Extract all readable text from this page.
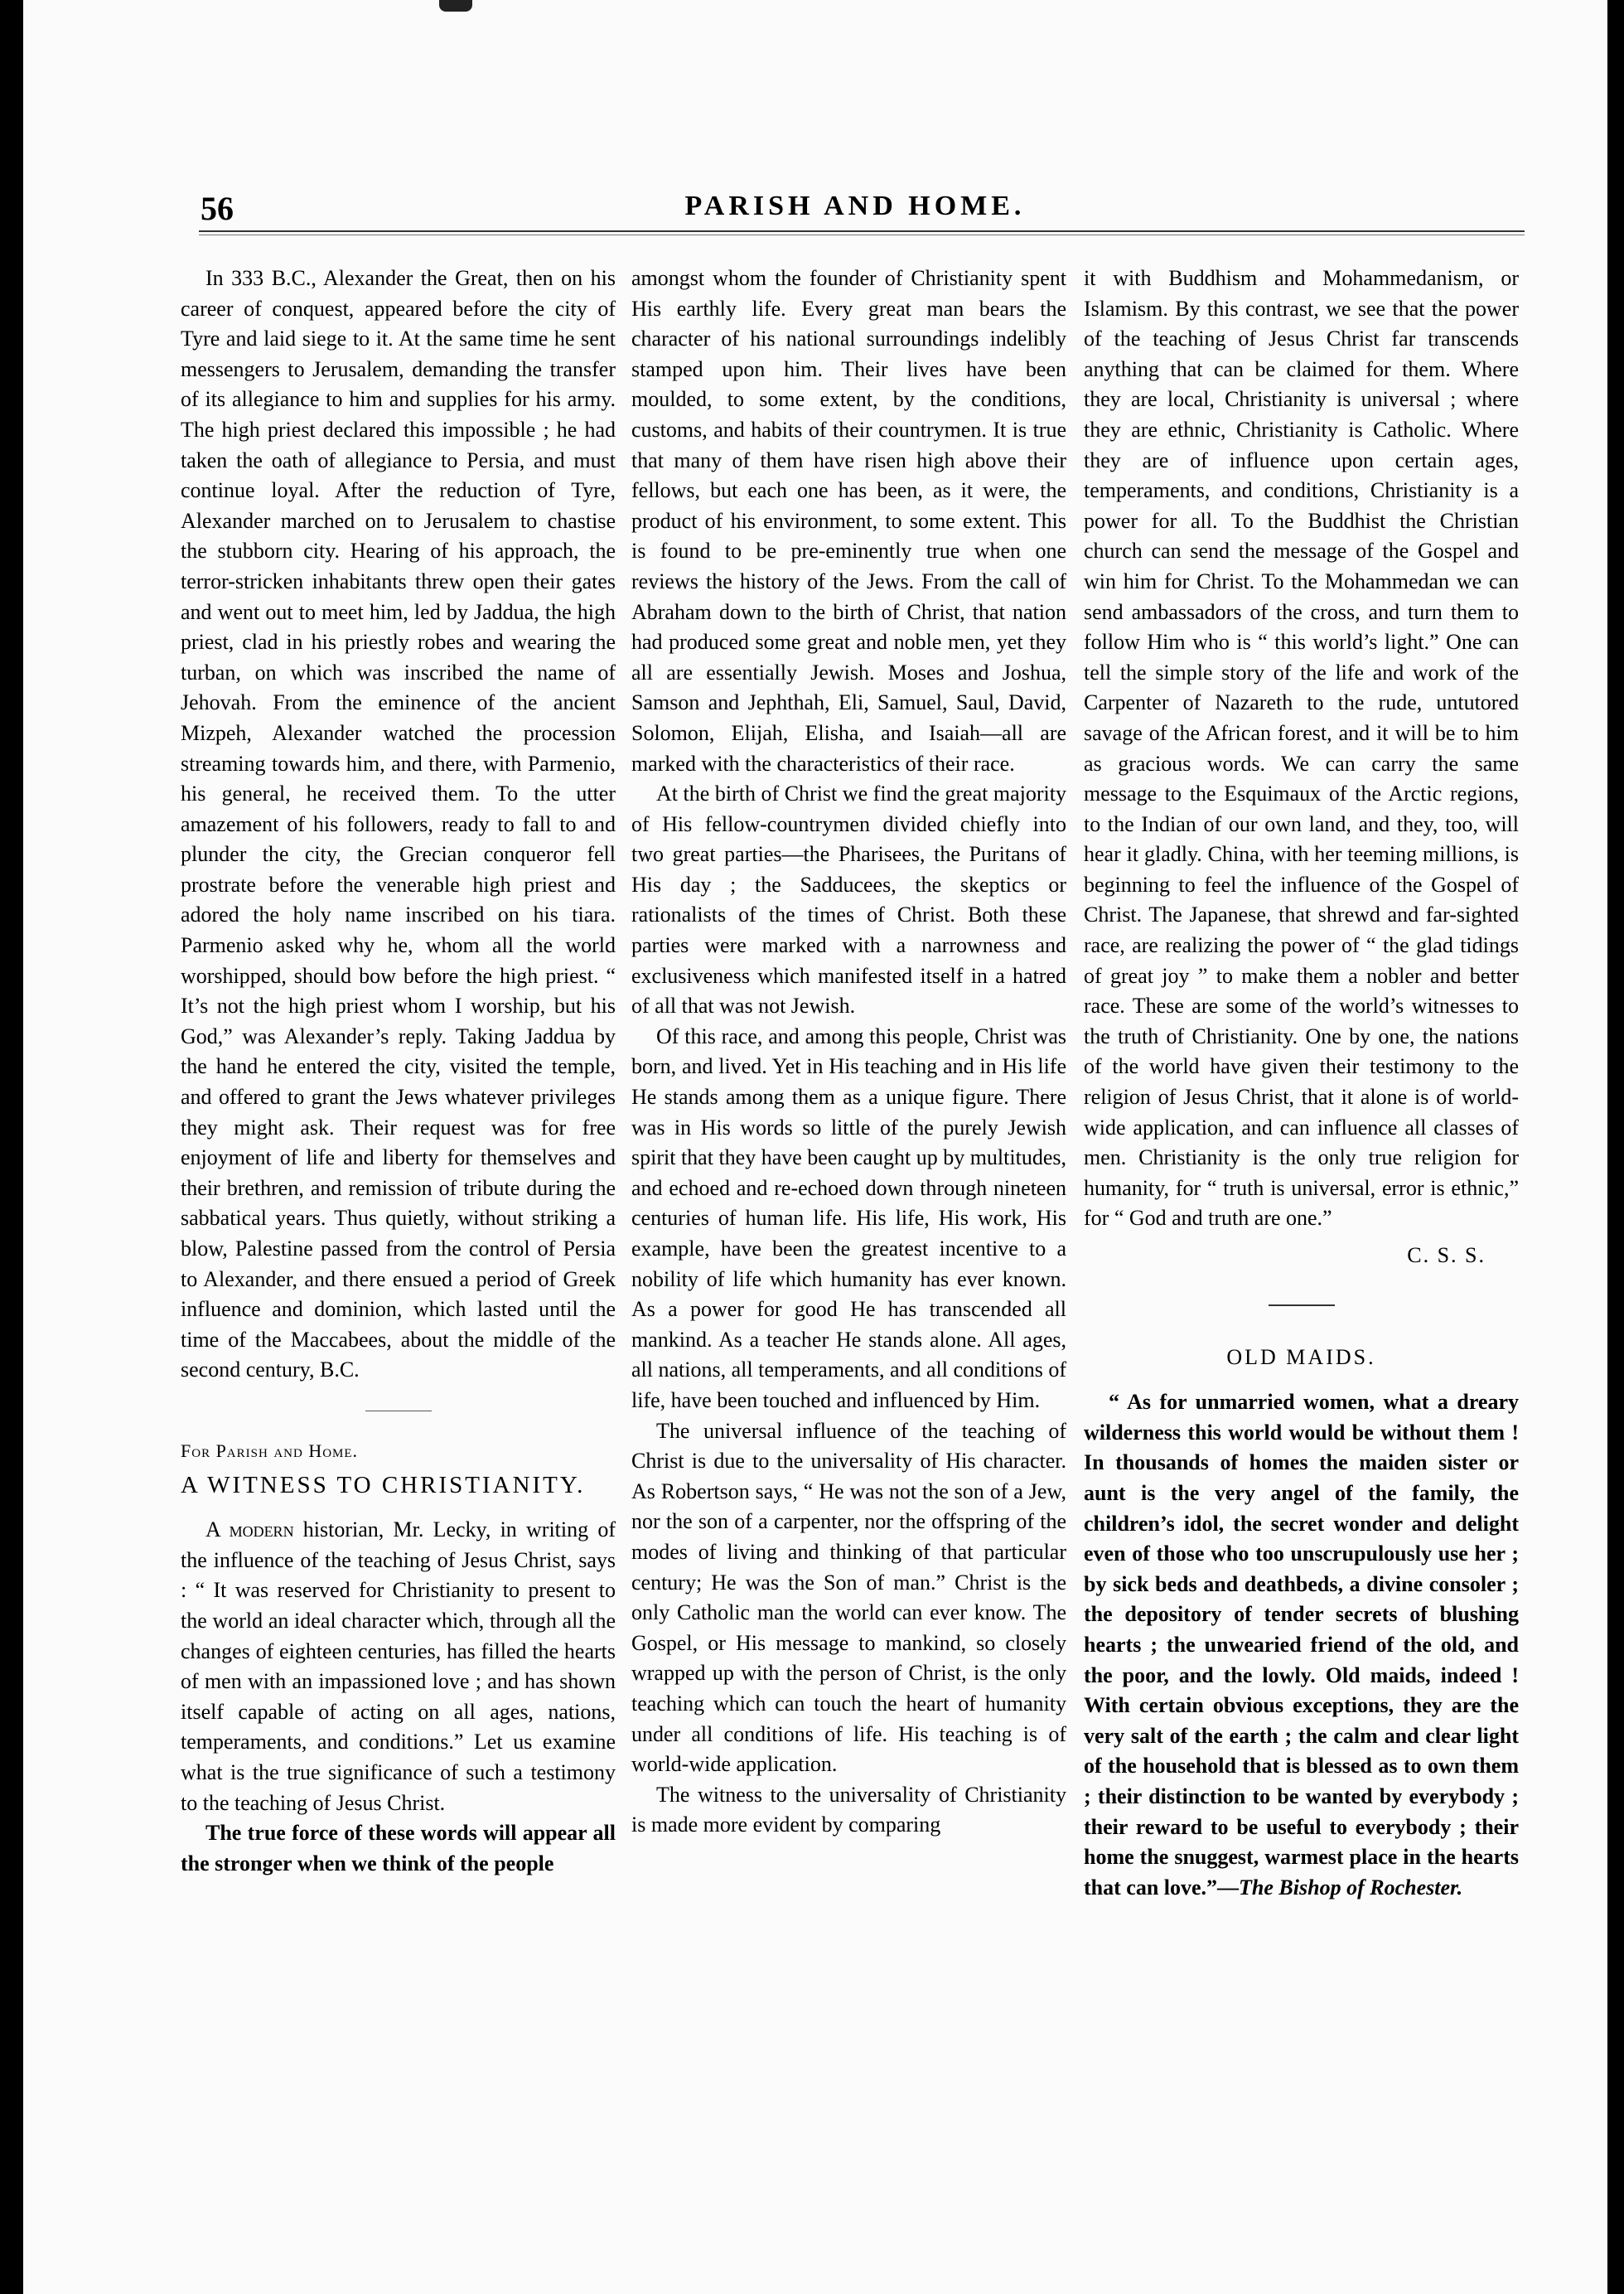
56	PARISH AND HOME.

In 333 B.C., Alexander the Great, then on his career of conquest, appeared before the city of Tyre and laid siege to it. At the same time he sent messengers to Jerusalem, demanding the transfer of its allegiance to him and supplies for his army. The high priest declared this impossible ; he had taken the oath of allegiance to Persia, and must continue loyal. After the reduction of Tyre, Alexander marched on to Jerusalem to chastise the stubborn city. Hearing of his approach, the terror-stricken inhabitants threw open their gates and went out to meet him, led by Jaddua, the high priest, clad in his priestly robes and wearing the turban, on which was inscribed the name of Jehovah. From the eminence of the ancient Mizpeh, Alexander watched the procession streaming towards him, and there, with Parmenio, his general, he received them. To the utter amazement of his followers, ready to fall to and plunder the city, the Grecian conqueror fell prostrate before the venerable high priest and adored the holy name inscribed on his tiara. Parmenio asked why he, whom all the world worshipped, should bow before the high priest. “ It’s not the high priest whom I worship, but his God,” was Alexander’s reply. Taking Jaddua by the hand he entered the city, visited the temple, and offered to grant the Jews whatever privileges they might ask. Their request was for free enjoyment of life and liberty for themselves and their brethren, and remission of tribute during the sabbatical years. Thus quietly, without striking a blow, Palestine passed from the control of Persia to Alexander, and there ensued a period of Greek influence and dominion, which lasted until the time of the Maccabees, about the middle of the second century, B.C.

For Parish and Home.

A WITNESS TO CHRISTIANITY.

A modern historian, Mr. Lecky, in writing of the influence of the teaching of Jesus Christ, says : “ It was reserved for Christianity to present to the world an ideal character which, through all the changes of eighteen centuries, has filled the hearts of men with an impassioned love ; and has shown itself capable of acting on all ages, nations, temperaments, and conditions.” Let us examine what is the true significance of such a testimony to the teaching of Jesus Christ.

The true force of these words will appear all the stronger when we think of the people

amongst whom the founder of Christianity spent His earthly life. Every great man bears the character of his national surroundings indelibly stamped upon him. Their lives have been moulded, to some extent, by the conditions, customs, and habits of their countrymen. It is true that many of them have risen high above their fellows, but each one has been, as it were, the product of his environment, to some extent. This is found to be pre-eminently true when one reviews the history of the Jews. From the call of Abraham down to the birth of Christ, that nation had produced some great and noble men, yet they all are essentially Jewish. Moses and Joshua, Samson and Jephthah, Eli, Samuel, Saul, David, Solomon, Elijah, Elisha, and Isaiah—all are marked with the characteristics of their race.

At the birth of Christ we find the great majority of His fellow-countrymen divided chiefly into two great parties—the Pharisees, the Puritans of His day ; the Sadducees, the skeptics or rationalists of the times of Christ. Both these parties were marked with a narrowness and exclusiveness which manifested itself in a hatred of all that was not Jewish.

Of this race, and among this people, Christ was born, and lived. Yet in His teaching and in His life He stands among them as a unique figure. There was in His words so little of the purely Jewish spirit that they have been caught up by multitudes, and echoed and re-echoed down through nineteen centuries of human life. His life, His work, His example, have been the greatest incentive to a nobility of life which humanity has ever known. As a power for good He has transcended all mankind. As a teacher He stands alone. All ages, all nations, all temperaments, and all conditions of life, have been touched and influenced by Him.

The universal influence of the teaching of Christ is due to the universality of His character. As Robertson says, “ He was not the son of a Jew, nor the son of a carpenter, nor the offspring of the modes of living and thinking of that particular century; He was the Son of man.” Christ is the only Catholic man the world can ever know. The Gospel, or His message to mankind, so closely wrapped up with the person of Christ, is the only teaching which can touch the heart of humanity under all conditions of life. His teaching is of world-wide application.

The witness to the universality of Christianity is made more evident by comparing

it with Buddhism and Mohammedanism, or Islamism. By this contrast, we see that the power of the teaching of Jesus Christ far transcends anything that can be claimed for them. Where they are local, Christianity is universal ; where they are ethnic, Christianity is Catholic. Where they are of influence upon certain ages, temperaments, and conditions, Christianity is a power for all. To the Buddhist the Christian church can send the message of the Gospel and win him for Christ. To the Mohammedan we can send ambassadors of the cross, and turn them to follow Him who is “ this world’s light.” One can tell the simple story of the life and work of the Carpenter of Nazareth to the rude, untutored savage of the African forest, and it will be to him as gracious words. We can carry the same message to the Esquimaux of the Arctic regions, to the Indian of our own land, and they, too, will hear it gladly. China, with her teeming millions, is beginning to feel the influence of the Gospel of Christ. The Japanese, that shrewd and far-sighted race, are realizing the power of “ the glad tidings of great joy ” to make them a nobler and better race. These are some of the world’s witnesses to the truth of Christianity. One by one, the nations of the world have given their testimony to the religion of Jesus Christ, that it alone is of world-wide application, and can influence all classes of men. Christianity is the only true religion for humanity, for “ truth is universal, error is ethnic,” for “ God and truth are one.”

C. S. S.
OLD MAIDS.

“ As for unmarried women, what a dreary wilderness this world would be without them ! In thousands of homes the maiden sister or aunt is the very angel of the family, the children’s idol, the secret wonder and delight even of those who too unscrupulously use her ; by sick beds and deathbeds, a divine consoler ; the depository of tender secrets of blushing hearts ; the unwearied friend of the old, and the poor, and the lowly. Old maids, indeed ! With certain obvious exceptions, they are the very salt of the earth ; the calm and clear light of the household that is blessed as to own them ; their distinction to be wanted by everybody ; their reward to be useful to everybody ; their home the snuggest, warmest place in the hearts that can love.”—The Bishop of Rochester.
